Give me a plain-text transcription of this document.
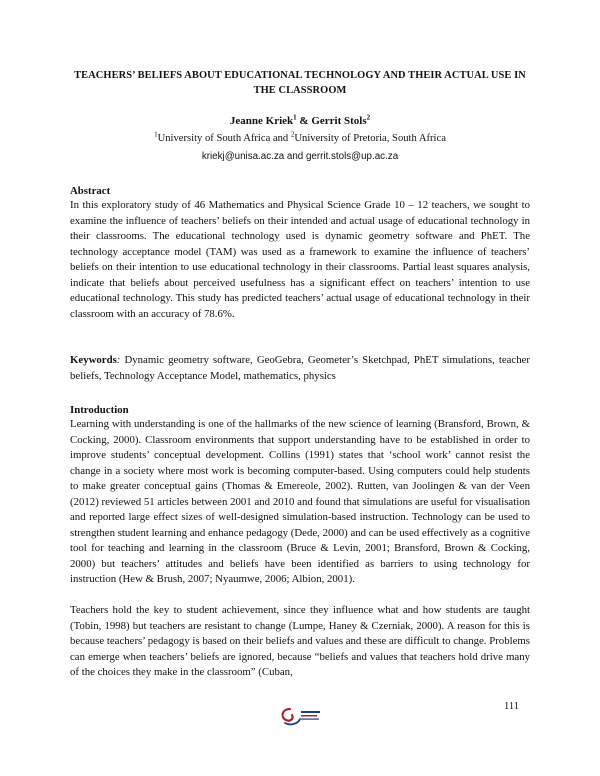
TEACHERS’ BELIEFS ABOUT EDUCATIONAL TECHNOLOGY AND THEIR ACTUAL USE IN THE CLASSROOM
Jeanne Kriek$^1$ & Gerrit Stols$^2$
$^1$University of South Africa and $^2$University of Pretoria, South Africa
kriekj@unisa.ac.za and gerrit.stols@up.ac.za
Abstract
In this exploratory study of 46 Mathematics and Physical Science Grade 10 – 12 teachers, we sought to examine the influence of teachers’ beliefs on their intended and actual usage of educational technology in their classrooms. The educational technology used is dynamic geometry software and PhET. The technology acceptance model (TAM) was used as a framework to examine the influence of teachers’ beliefs on their intention to use educational technology in their classrooms. Partial least squares analysis, indicate that beliefs about perceived usefulness has a significant effect on teachers’ intention to use educational technology. This study has predicted teachers’ actual usage of educational technology in their classroom with an accuracy of 78.6%.
Keywords: Dynamic geometry software, GeoGebra, Geometer’s Sketchpad, PhET simulations, teacher beliefs, Technology Acceptance Model, mathematics, physics
Introduction
Learning with understanding is one of the hallmarks of the new science of learning (Bransford, Brown, & Cocking, 2000). Classroom environments that support understanding have to be established in order to improve students’ conceptual development. Collins (1991) states that ‘school work’ cannot resist the change in a society where most work is becoming computer-based. Using computers could help students to make greater conceptual gains (Thomas & Emereole, 2002). Rutten, van Joolingen & van der Veen (2012) reviewed 51 articles between 2001 and 2010 and found that simulations are useful for visualisation and reported large effect sizes of well-designed simulation-based instruction. Technology can be used to strengthen student learning and enhance pedagogy (Dede, 2000) and can be used effectively as a cognitive tool for teaching and learning in the classroom (Bruce & Levin, 2001; Bransford, Brown & Cocking, 2000) but teachers’ attitudes and beliefs have been identified as barriers to using technology for instruction (Hew & Brush, 2007; Nyaumwe, 2006; Albion, 2001).
Teachers hold the key to student achievement, since they influence what and how students are taught (Tobin, 1998) but teachers are resistant to change (Lumpe, Haney & Czerniak, 2000). A reason for this is because teachers’ pedagogy is based on their beliefs and values and these are difficult to change. Problems can emerge when teachers’ beliefs are ignored, because “beliefs and values that teachers hold drive many of the choices they make in the classroom” (Cuban,
111
